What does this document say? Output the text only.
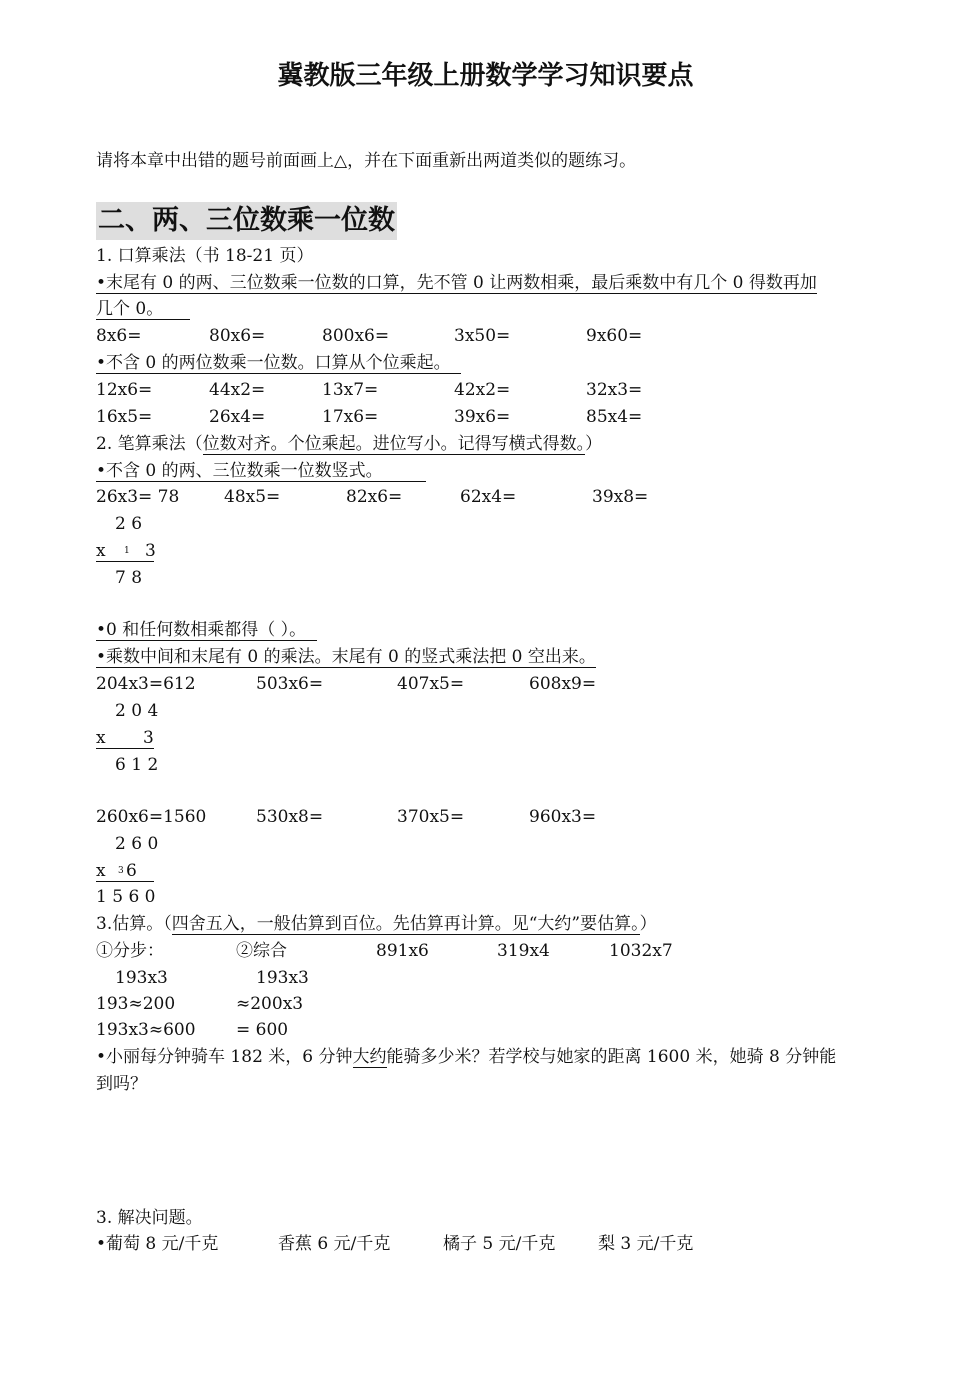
冀教版三年级上册数学学习知识要点
请将本章中出错的题号前面画上△，并在下面重新出两道类似的题练习。
二、两、三位数乘一位数
1. 口算乘法（书 18-21 页）
•末尾有 0 的两、三位数乘一位数的口算，先不管 0 让两数相乘，最后乘数中有几个 0 得数再加
几个 0。
8x6=	80x6=	800x6=	3x50=	9x60=
•不含 0 的两位数乘一位数。口算从个位乘起。
12x6=	44x2=	13x7=	42x2=	32x3=
16x5=	26x4=	17x6=	39x6=	85x4=
2. 笔算乘法（位数对齐。个位乘起。进位写小。记得写横式得数。）
•不含 0 的两、三位数乘一位数竖式。
26x3= 78	48x5=	82x6=	62x4=	39x8=
2 6
x 1 3
7 8
•0 和任何数相乘都得（ ）。
•乘数中间和末尾有 0 的乘法。末尾有 0 的竖式乘法把 0 空出来。
204x3=612	503x6=	407x5=	608x9=
2 0 4
x 3
6 1 2
260x6=1560	530x8=	370x5=	960x3=
2 6 0
x 3 6
1 5 6 0
3.估算。（四舍五入，一般估算到百位。先估算再计算。见“大约”要估算。）
①分步：	②综合	891x6	319x4	1032x7
193x3	193x3
193≈200	≈200x3
193x3≈600 = 600
•小丽每分钟骑车 182 米，6 分钟大约能骑多少米？若学校与她家的距离 1600 米，她骑 8 分钟能
到吗？
3. 解决问题。
•葡萄 8 元/千克	香蕉 6 元/千克	橘子 5 元/千克	梨 3 元/千克
